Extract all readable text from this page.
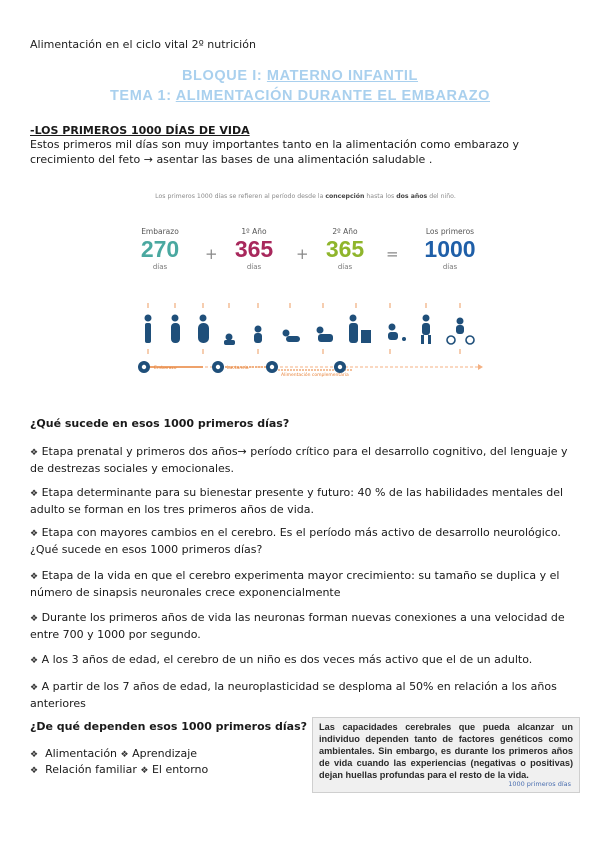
Alimentación en el ciclo vital 2º nutrición
BLOQUE I: MATERNO INFANTIL
TEMA 1: ALIMENTACIÓN DURANTE EL EMBARAZO
-LOS PRIMEROS 1000 DÍAS DE VIDA
Estos primeros mil días son muy importantes tanto en la alimentación como embarazo y crecimiento del feto → asentar las bases de una alimentación saludable .
Los primeros 1000 días se refieren al período desde la concepción hasta los dos años del niño.
Embarazo
270
días
+
1º Año
365
días
+
2º Año
365
días
=
Los primeros
1000
días
Embarazo	Lactancia
Alimentación complementaria
¿Qué sucede en esos 1000 primeros días?
❖ Etapa prenatal y primeros dos años→ período crítico para el desarrollo cognitivo, del lenguaje y de destrezas sociales y emocionales.
❖ Etapa determinante para su bienestar presente y futuro: 40 % de las habilidades mentales del adulto se forman en los tres primeros años de vida.
❖ Etapa con mayores cambios en el cerebro. Es el período más activo de desarrollo neurológico. ¿Qué sucede en esos 1000 primeros días?
❖ Etapa de la vida en que el cerebro experimenta mayor crecimiento: su tamaño se duplica y el número de sinapsis neuronales crece exponencialmente
❖ Durante los primeros años de vida las neuronas forman nuevas conexiones a una velocidad de entre 700 y 1000 por segundo.
❖ A los 3 años de edad, el cerebro de un niño es dos veces más activo que el de un adulto.
❖ A partir de los 7 años de edad, la neuroplasticidad se desploma al 50% en relación a los años anteriores
¿De qué dependen esos 1000 primeros días?
❖ Alimentación ❖ Aprendizaje
❖ Relación familiar ❖ El entorno
Las capacidades cerebrales que pueda alcanzar un individuo dependen tanto de factores genéticos como ambientales. Sin embargo, es durante los primeros años de vida cuando las experiencias (negativas o positivas) dejan huellas profundas para el resto de la vida.
1000 primeros días
